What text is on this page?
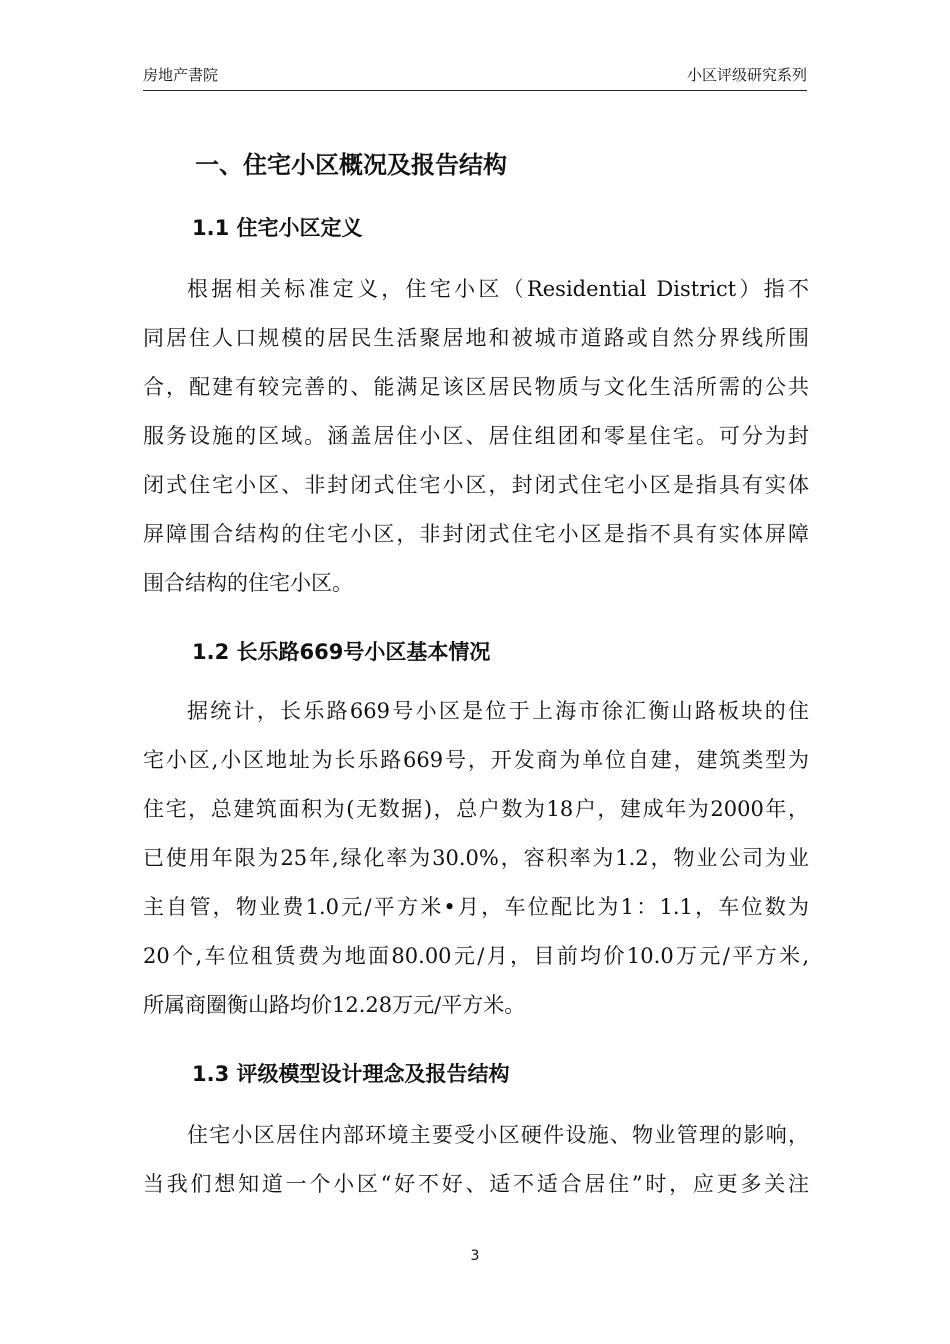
房地产書院	小区评级研究系列
一、住宅小区概况及报告结构
1.1 住宅小区定义
根据相关标准定义，住宅小区（Residential District）指不
同居住人口规模的居民生活聚居地和被城市道路或自然分界线所围
合，配建有较完善的、能满足该区居民物质与文化生活所需的公共
服务设施的区域。涵盖居住小区、居住组团和零星住宅。可分为封
闭式住宅小区、非封闭式住宅小区，封闭式住宅小区是指具有实体
屏障围合结构的住宅小区，非封闭式住宅小区是指不具有实体屏障
围合结构的住宅小区。
1.2 长乐路669号小区基本情况
据统计，长乐路669号小区是位于上海市徐汇衡山路板块的住
宅小区,小区地址为长乐路669号，开发商为单位自建，建筑类型为
住宅，总建筑面积为(无数据)，总户数为18户，建成年为2000年，
已使用年限为25年,绿化率为30.0%，容积率为1.2，物业公司为业
主自管，物业费1.0元/平方米•月，车位配比为1：1.1，车位数为
20个,车位租赁费为地面80.00元/月，目前均价10.0万元/平方米,
所属商圈衡山路均价12.28万元/平方米。
1.3 评级模型设计理念及报告结构
住宅小区居住内部环境主要受小区硬件设施、物业管理的影响，
当我们想知道一个小区“好不好、适不适合居住”时，应更多关注
3
